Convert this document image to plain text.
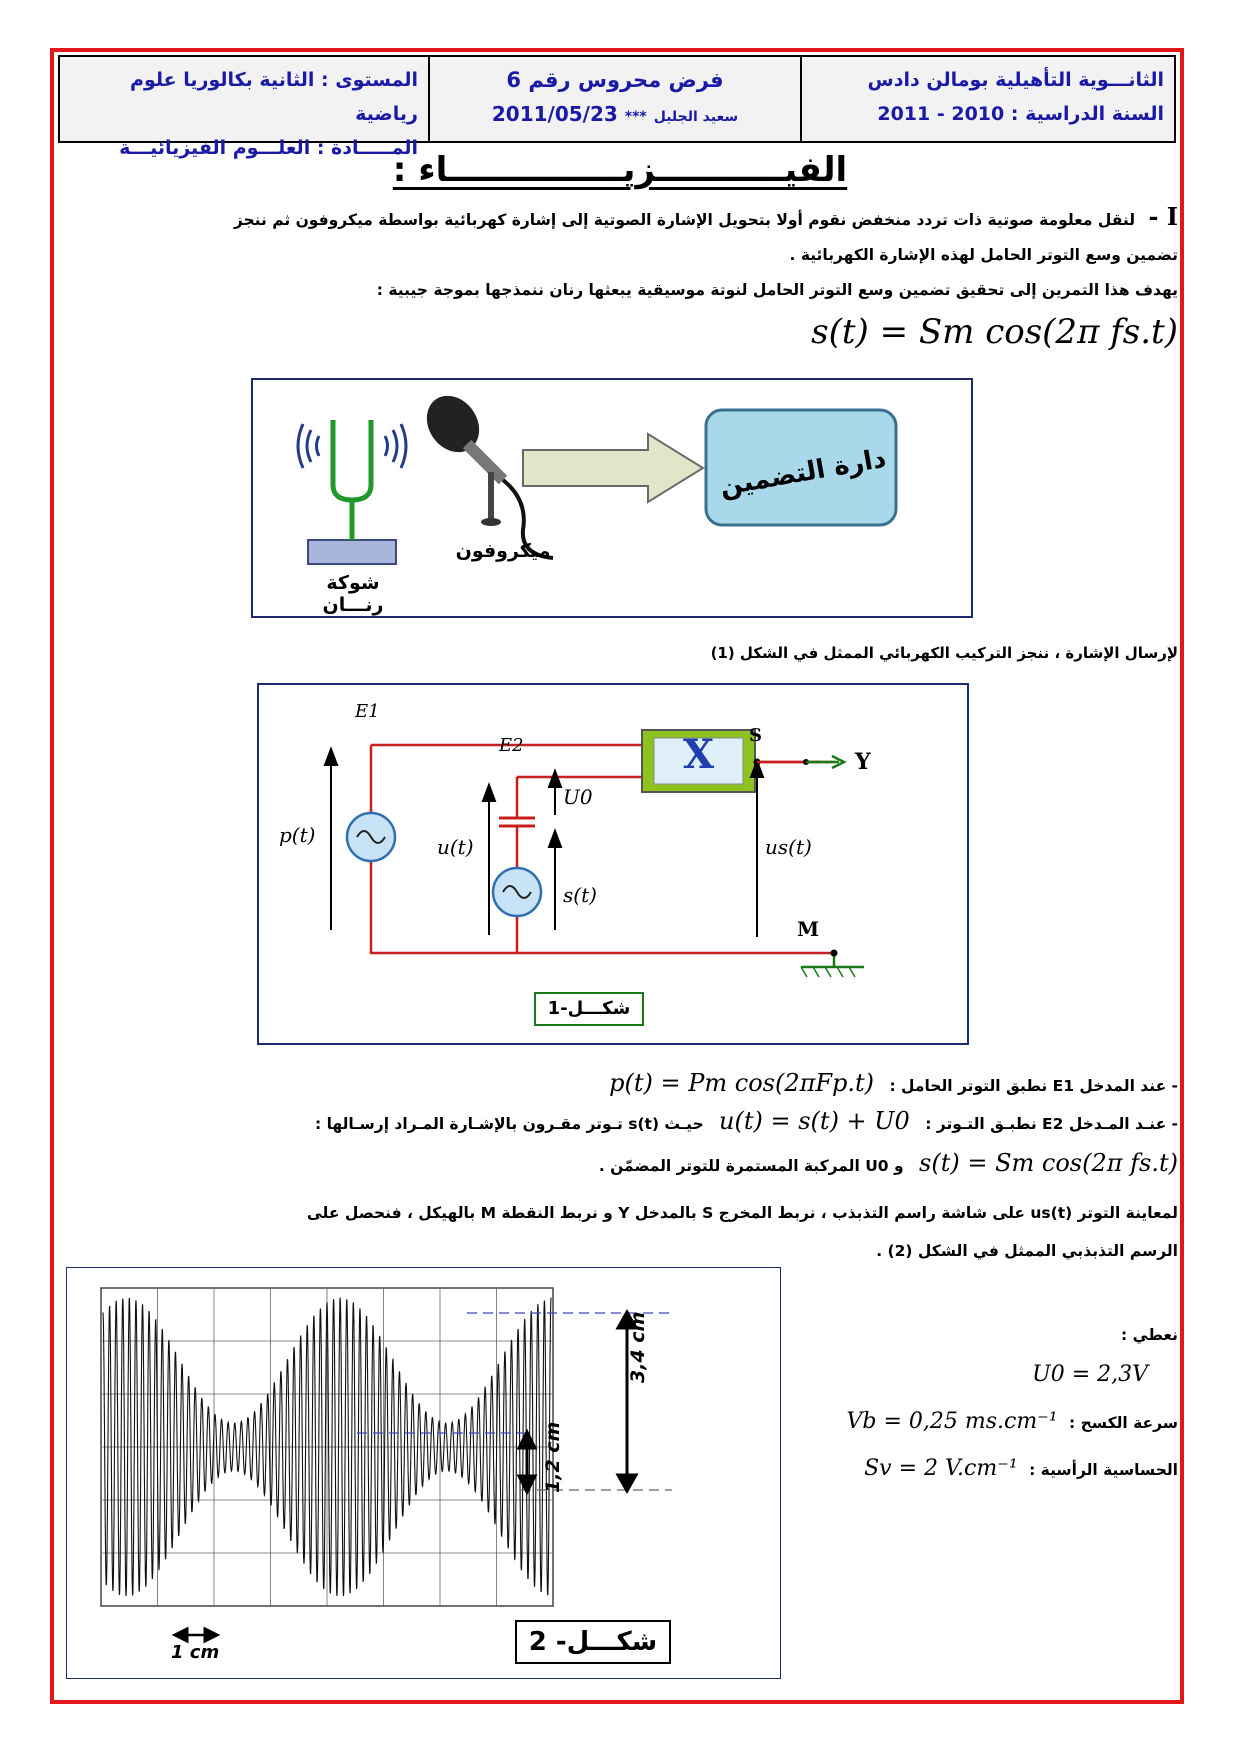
الثانـــوية التأهيلية بومالن دادس
السنة الدراسية : 2010 - 2011
فرض محروس رقم 6
سعيد الجليل *** 2011/05/23
المستوى : الثانية بكالوريا علوم رياضية
المـــــادة : العلـــوم الفيزيائيـــة
الفيـــــــــــزيـــــــــــــــاء :
I - لنقل معلومة صوتية ذات تردد منخفض نقوم أولا بتحويل الإشارة الصوتية إلى إشارة كهربائية بواسطة ميكروفون ثم ننجز
تضمين وسع التوتر الحامل لهذه الإشارة الكهربائية .
يهدف هذا التمرين إلى تحقيق تضمين وسع التوتر الحامل لنوتة موسيقية يبعثها رنان ننمذجها بموجة جيبية :
s(t) = Sm cos(2π fs.t)
دارة التضمين
شوكة رنـــان
ميكروفون
لإرسال الإشارة ، ننجز التركيب الكهربائي الممثل في الشكل (1)
X
E1
E2	S
Y
M
p(t)	u(t)
U0
s(t)
us(t)
شكـــل-1
- عند المدخل E1 نطبق التوتر الحامل : p(t) = Pm cos(2πFp.t)
- عنـد المـدخل E2 نطبـق التـوتر : u(t) = s(t) + U0 حيـث s(t) تـوتر مقـرون بالإشـارة المـراد إرسـالها :
s(t) = Sm cos(2π fs.t) و U0 المركبة المستمرة للتوتر المضمّن .
لمعاينة التوتر us(t) على شاشة راسم التذبذب ، نربط المخرج S بالمدخل Y و نربط النقطة M بالهيكل ، فنحصل على
الرسم التذبذبي الممثل في الشكل (2) .
3,4 cm
1,2 cm
1 cm	شكـــل- 2
نعطي :
U0 = 2,3V
سرعة الكسح : Vb = 0,25 ms.cm⁻¹
الحساسية الرأسية : Sv = 2 V.cm⁻¹
